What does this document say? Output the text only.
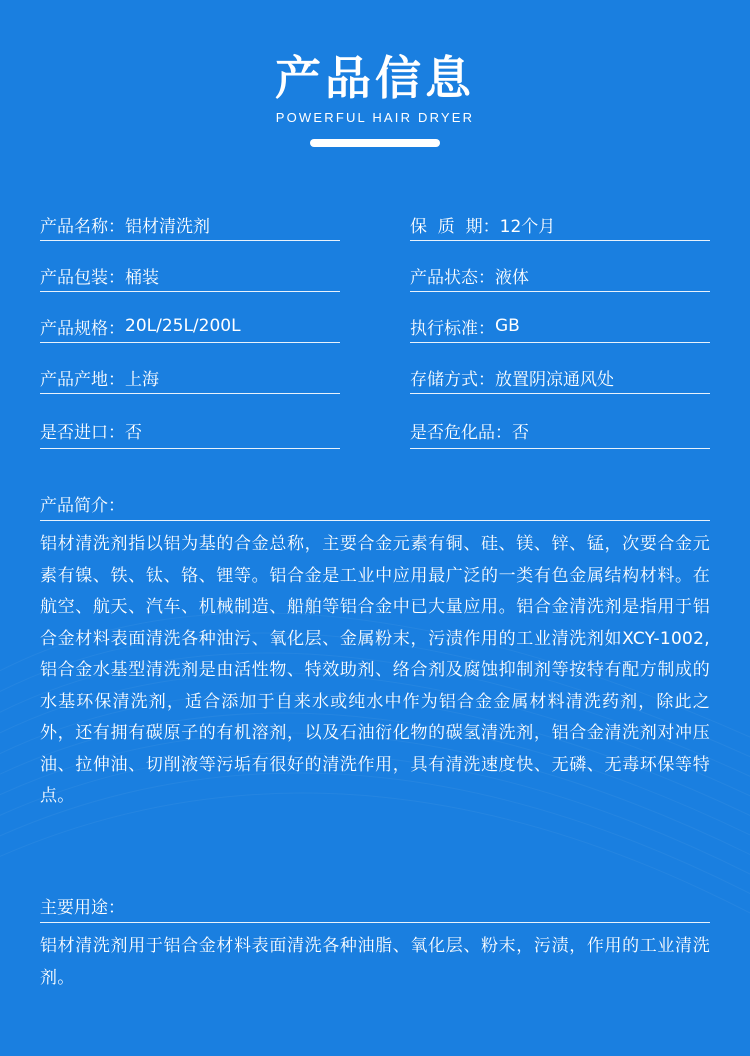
产品信息
POWERFUL HAIR DRYER
产品名称： 铝材清洗剂	保  质  期： 12个月
产品包装： 桶装	产品状态： 液体
产品规格： 20L/25L/200L	执行标准： GB
产品产地： 上海	存储方式： 放置阴凉通风处
是否进口： 否	是否危化品： 否
产品简介：
铝材清洗剂指以铝为基的合金总称，主要合金元素有铜、硅、镁、锌、锰，次要合金元素有镍、铁、钛、铬、锂等。铝合金是工业中应用最广泛的一类有色金属结构材料。在航空、航天、汽车、机械制造、船舶等铝合金中已大量应用。铝合金清洗剂是指用于铝合金材料表面清洗各种油污、氧化层、金属粉末，污渍作用的工业清洗剂如XCY-1002,铝合金水基型清洗剂是由活性物、特效助剂、络合剂及腐蚀抑制剂等按特有配方制成的水基环保清洗剂，适合添加于自来水或纯水中作为铝合金金属材料清洗药剂，除此之外，还有拥有碳原子的有机溶剂，以及石油衍化物的碳氢清洗剂，铝合金清洗剂对冲压油、拉伸油、切削液等污垢有很好的清洗作用，具有清洗速度快、无磷、无毒环保等特点。
主要用途：
铝材清洗剂用于铝合金材料表面清洗各种油脂、氧化层、粉末，污渍，作用的工业清洗剂。
